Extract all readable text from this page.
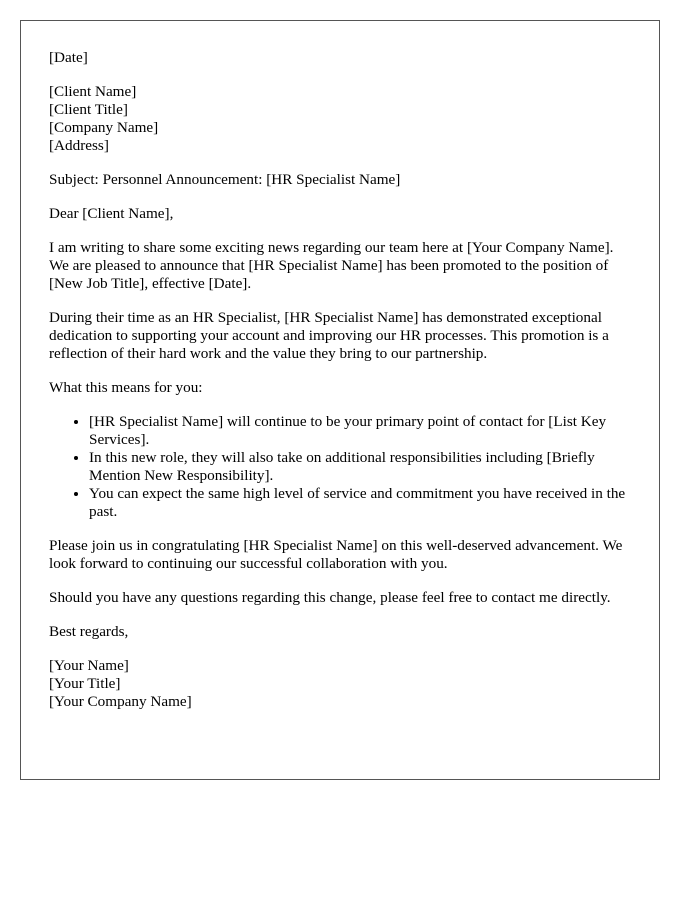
[Date]

[Client Name]
[Client Title]
[Company Name]
[Address]

Subject: Personnel Announcement: [HR Specialist Name]

Dear [Client Name],

I am writing to share some exciting news regarding our team here at [Your Company Name]. We are pleased to announce that [HR Specialist Name] has been promoted to the position of [New Job Title], effective [Date].

During their time as an HR Specialist, [HR Specialist Name] has demonstrated exceptional dedication to supporting your account and improving our HR processes. This promotion is a reflection of their hard work and the value they bring to our partnership.

What this means for you:

• [HR Specialist Name] will continue to be your primary point of contact for [List Key Services].
• In this new role, they will also take on additional responsibilities including [Briefly Mention New Responsibility].
• You can expect the same high level of service and commitment you have received in the past.

Please join us in congratulating [HR Specialist Name] on this well-deserved advancement. We look forward to continuing our successful collaboration with you.

Should you have any questions regarding this change, please feel free to contact me directly.

Best regards,

[Your Name]
[Your Title]
[Your Company Name]
